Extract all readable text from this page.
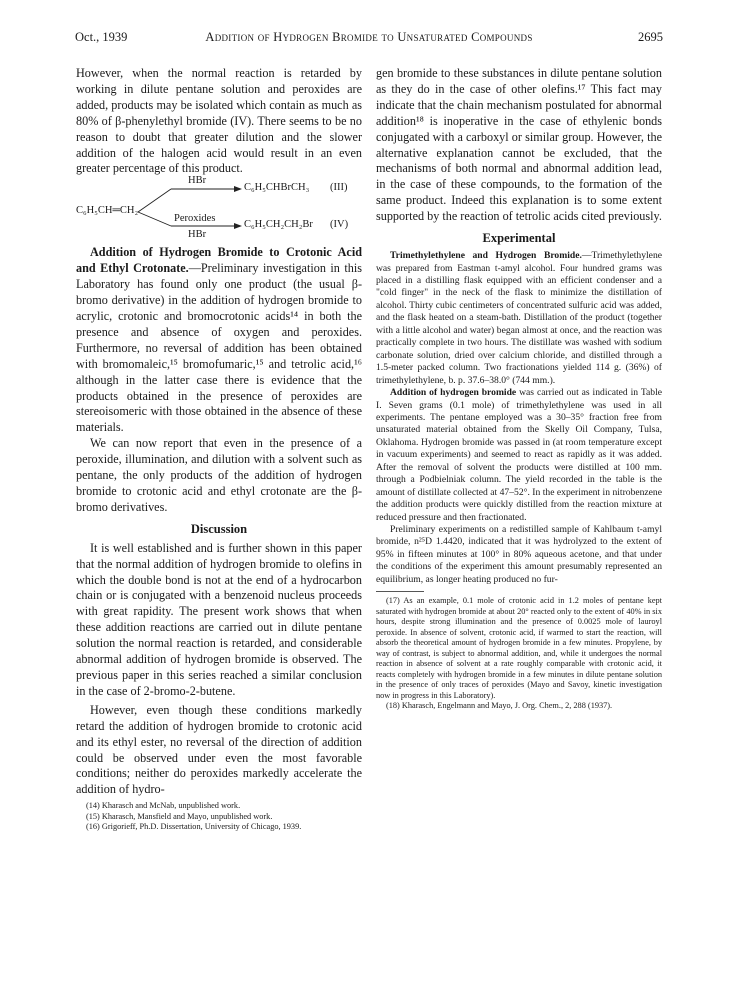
Oct., 1939	Addition of Hydrogen Bromide to Unsaturated Compounds	2695

However, when the normal reaction is retarded by working in dilute pentane solution and peroxides are added, products may be isolated which contain as much as 80% of β-phenylethyl bromide (IV). There seems to be no reason to doubt that greater dilution and the slower addition of the halogen acid would result in an even greater percentage of this product.

C₆H₅CH═CH₂
HBr
C₆H₅CHBrCH₃ (III)
Peroxides
HBr
C₆H₅CH₂CH₂Br (IV)

Addition of Hydrogen Bromide to Crotonic Acid and Ethyl Crotonate.—Preliminary investigation in this Laboratory has found only one product (the usual β-bromo derivative) in the addition of hydrogen bromide to acrylic, crotonic and bromocrotonic acids¹⁴ in both the presence and absence of oxygen and peroxides. Furthermore, no reversal of addition has been obtained with bromomaleic,¹⁵ bromofumaric,¹⁵ and tetrolic acid,¹⁶ although in the latter case there is evidence that the products obtained in the presence of peroxides are stereoisomeric with those obtained in the absence of these materials.

We can now report that even in the presence of a peroxide, illumination, and dilution with a solvent such as pentane, the only products of the addition of hydrogen bromide to crotonic acid and ethyl crotonate are the β-bromo derivatives.

Discussion

It is well established and is further shown in this paper that the normal addition of hydrogen bromide to olefins in which the double bond is not at the end of a hydrocarbon chain or is conjugated with a benzenoid nucleus proceeds with great rapidity. The present work shows that when these addition reactions are carried out in dilute pentane solution the normal reaction is retarded, and considerable abnormal addition of hydrogen bromide is observed. The previous paper in this series reached a similar conclusion in the case of 2-bromo-2-butene.

However, even though these conditions markedly retard the addition of hydrogen bromide to crotonic acid and its ethyl ester, no reversal of the direction of addition could be observed under even the most favorable conditions; neither do peroxides markedly accelerate the addition of hydro-

(14) Kharasch and McNab, unpublished work.

(15) Kharasch, Mansfield and Mayo, unpublished work.

(16) Grigorieff, Ph.D. Dissertation, University of Chicago, 1939.

gen bromide to these substances in dilute pentane solution as they do in the case of other olefins.¹⁷ This fact may indicate that the chain mechanism postulated for abnormal addition¹⁸ is inoperative in the case of ethylenic bonds conjugated with a carboxyl or similar group. However, the alternative explanation cannot be excluded, that the mechanisms of both normal and abnormal addition lead, in the case of these compounds, to the formation of the same product. Indeed this explanation is to some extent supported by the reaction of tetrolic acids cited previously.

Experimental

Trimethylethylene and Hydrogen Bromide.—Trimethylethylene was prepared from Eastman t-amyl alcohol. Four hundred grams was placed in a distilling flask equipped with an efficient condenser and a "cold finger" in the neck of the flask to minimize the distillation of alcohol. Thirty cubic centimeters of concentrated sulfuric acid was added, and the flask heated on a steam-bath. Distillation of the product (together with a little alcohol and water) began almost at once, and the reaction was practically complete in two hours. The distillate was washed with sodium carbonate solution, dried over calcium chloride, and distilled through a 1.5-meter packed column. Two fractionations yielded 114 g. (36%) of trimethylethylene, b. p. 37.6–38.0° (744 mm.).

Addition of hydrogen bromide was carried out as indicated in Table I. Seven grams (0.1 mole) of trimethylethylene was used in all experiments. The pentane employed was a 30–35° fraction free from unsaturated material obtained from the Skelly Oil Company, Tulsa, Oklahoma. Hydrogen bromide was passed in (at room temperature except in vacuum experiments) and seemed to react as rapidly as it was added. After the removal of solvent the products were distilled at 100 mm. through a Podbielniak column. The yield recorded in the table is the amount of distillate collected at 47–52°. In the experiment in nitrobenzene the addition products were quickly distilled from the reaction mixture at reduced pressure and then fractionated.

Preliminary experiments on a redistilled sample of Kahlbaum t-amyl bromide, n²⁵D 1.4420, indicated that it was hydrolyzed to the extent of 95% in fifteen minutes at 100° in 80% aqueous acetone, and that under the conditions of the experiment this amount presumably represented an equilibrium, as longer heating produced no fur-

(17) As an example, 0.1 mole of crotonic acid in 1.2 moles of pentane kept saturated with hydrogen bromide at about 20° reacted only to the extent of 40% in six hours, despite strong illumination and the presence of 0.0025 mole of lauroyl peroxide. In absence of solvent, crotonic acid, if warmed to start the reaction, will absorb the theoretical amount of hydrogen bromide in a few minutes. Propylene, by way of contrast, is subject to abnormal addition, and, while it undergoes the normal reaction in absence of solvent at a rate roughly comparable with crotonic acid, it reacts completely with hydrogen bromide in a few minutes in dilute pentane solution in the presence of only traces of peroxides (Mayo and Savoy, kinetic investigation now in progress in this Laboratory).

(18) Kharasch, Engelmann and Mayo, J. Org. Chem., 2, 288 (1937).
